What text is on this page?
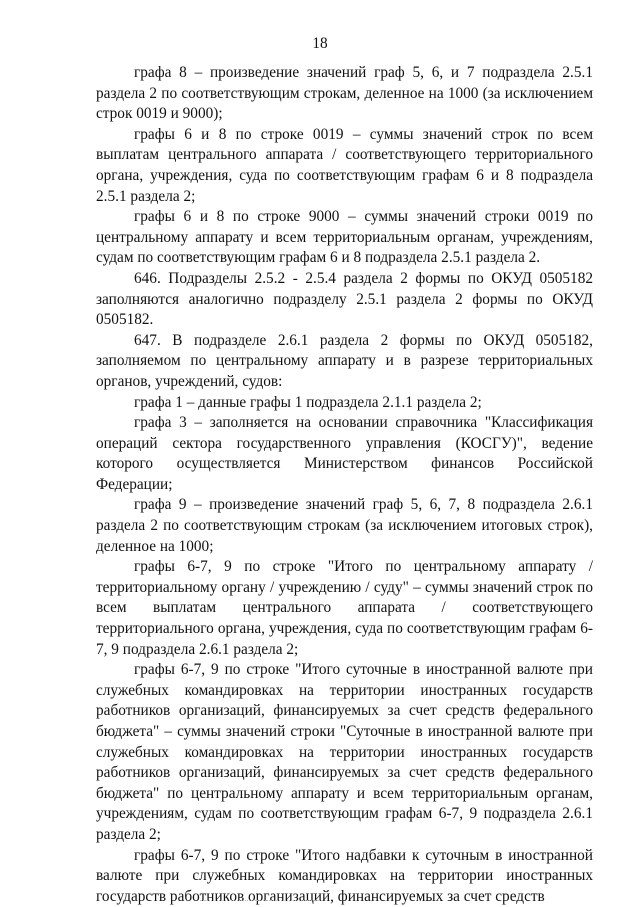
18

графа 8 – произведение значений граф 5, 6, и 7 подраздела 2.5.1 раздела 2 по соответствующим строкам, деленное на 1000 (за исключением строк 0019 и 9000);

графы 6 и 8 по строке 0019 – суммы значений строк по всем выплатам центрального аппарата / соответствующего территориального органа, учреждения, суда по соответствующим графам 6 и 8 подраздела 2.5.1 раздела 2;

графы 6 и 8 по строке 9000 – суммы значений строки 0019 по центральному аппарату и всем территориальным органам, учреждениям, судам по соответствующим графам 6 и 8 подраздела 2.5.1 раздела 2.

646. Подразделы 2.5.2 - 2.5.4 раздела 2 формы по ОКУД 0505182 заполняются аналогично подразделу 2.5.1 раздела 2 формы по ОКУД 0505182.

647. В подразделе 2.6.1 раздела 2 формы по ОКУД 0505182, заполняемом по центральному аппарату и в разрезе территориальных органов, учреждений, судов:

графа 1 – данные графы 1 подраздела 2.1.1 раздела 2;

графа 3 – заполняется на основании справочника "Классификация операций сектора государственного управления (КОСГУ)", ведение которого осуществляется Министерством финансов Российской Федерации;

графа 9 – произведение значений граф 5, 6, 7, 8 подраздела 2.6.1 раздела 2 по соответствующим строкам (за исключением итоговых строк), деленное на 1000;

графы 6-7, 9 по строке "Итого по центральному аппарату / территориальному органу / учреждению / суду" – суммы значений строк по всем выплатам центрального аппарата / соответствующего территориального органа, учреждения, суда по соответствующим графам 6-7, 9 подраздела 2.6.1 раздела 2;

графы 6-7, 9 по строке "Итого суточные в иностранной валюте при служебных командировках на территории иностранных государств работников организаций, финансируемых за счет средств федерального бюджета" – суммы значений строки "Суточные в иностранной валюте при служебных командировках на территории иностранных государств работников организаций, финансируемых за счет средств федерального бюджета" по центральному аппарату и всем территориальным органам, учреждениям, судам по соответствующим графам 6-7, 9 подраздела 2.6.1 раздела 2;

графы 6-7, 9 по строке "Итого надбавки к суточным в иностранной валюте при служебных командировках на территории иностранных государств работников организаций, финансируемых за счет средств
